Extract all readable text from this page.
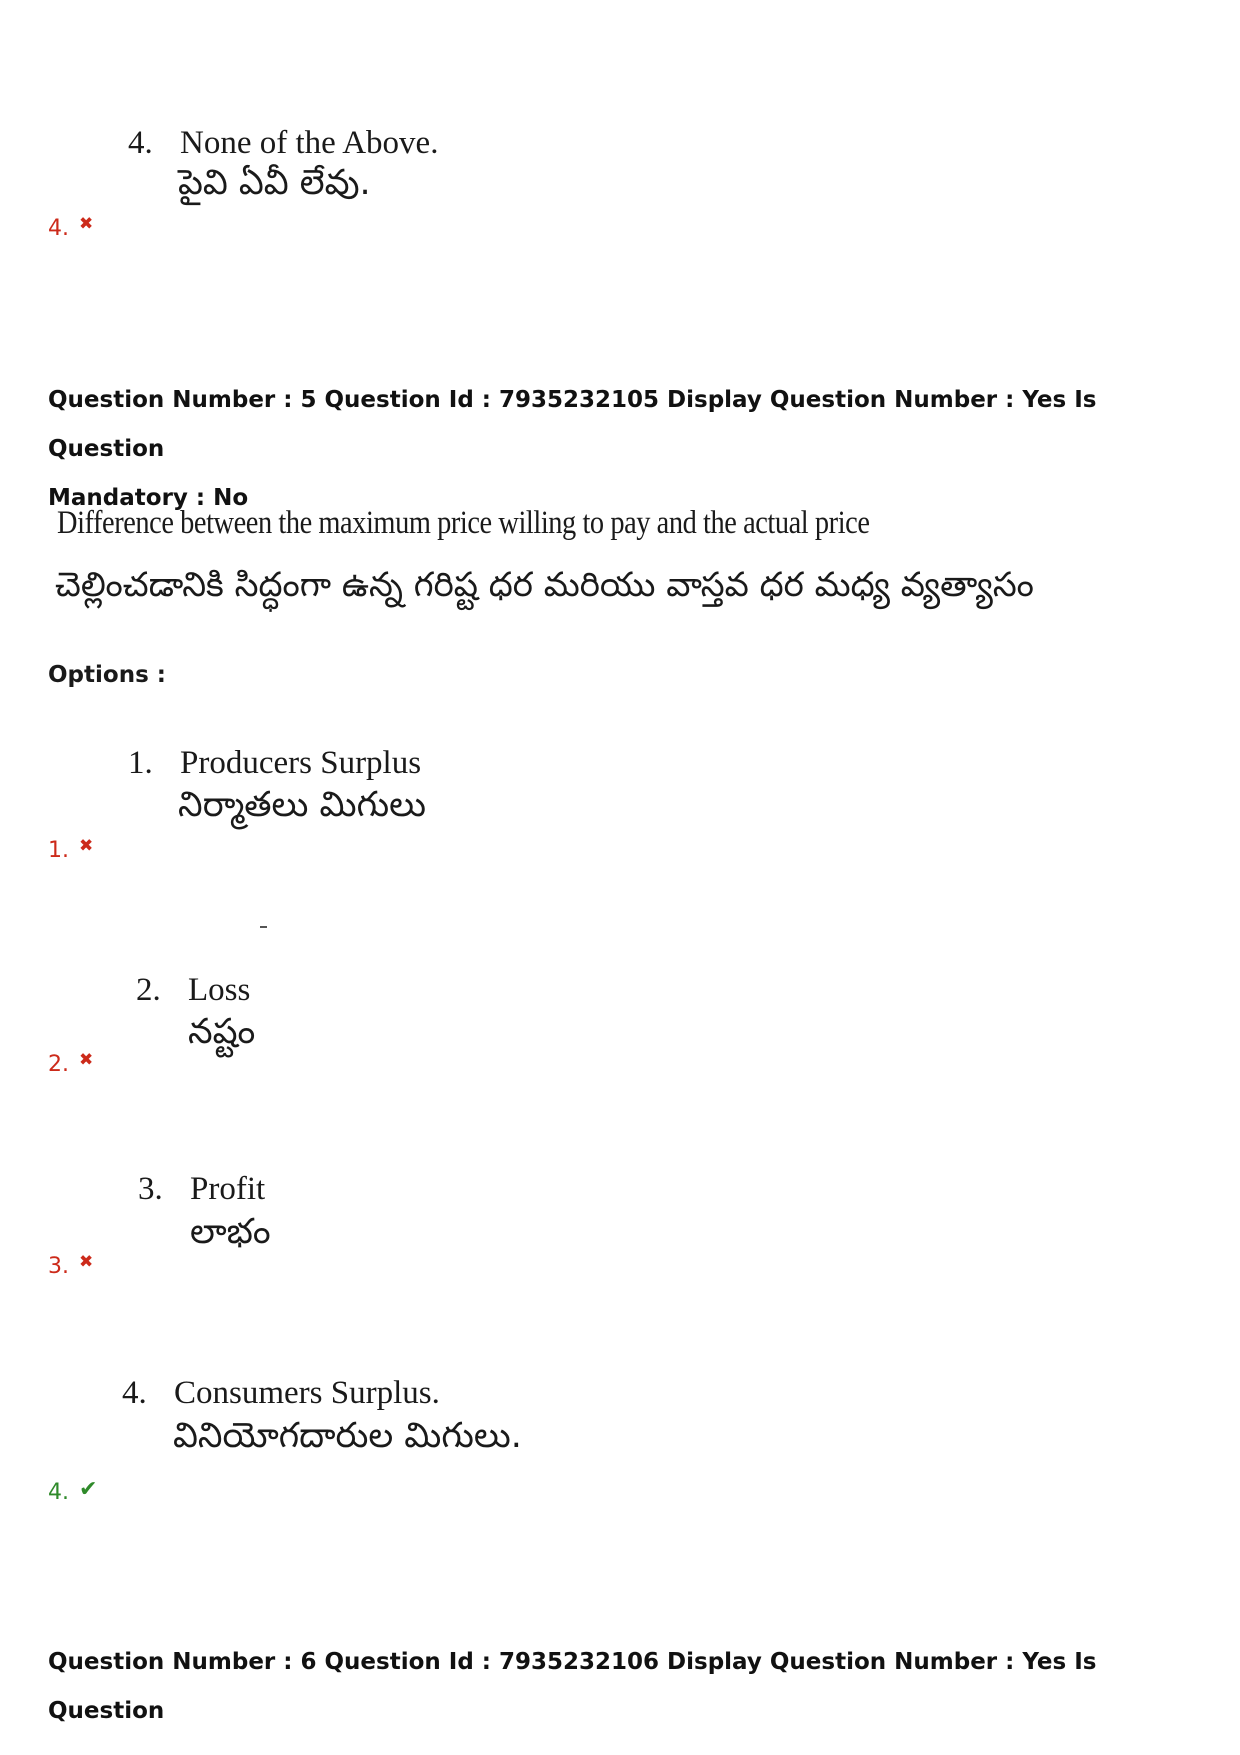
4. None of the Above.
పైవి ఏవీ లేవు.
4. ✖
Question Number : 5 Question Id : 7935232105 Display Question Number : Yes Is Question
Mandatory : No
Difference between the maximum price willing to pay and the actual price
చెల్లించడానికి సిద్ధంగా ఉన్న గరిష్ట ధర మరియు వాస్తవ ధర మధ్య వ్యత్యాసం
Options :
1. Producers Surplus
నిర్మాతలు మిగులు
1. ✖
2. Loss
నష్టం
2. ✖
3. Profit
లాభం
3. ✖
4. Consumers Surplus.
వినియోగదారుల మిగులు.
4. ✔
Question Number : 6 Question Id : 7935232106 Display Question Number : Yes Is Question
